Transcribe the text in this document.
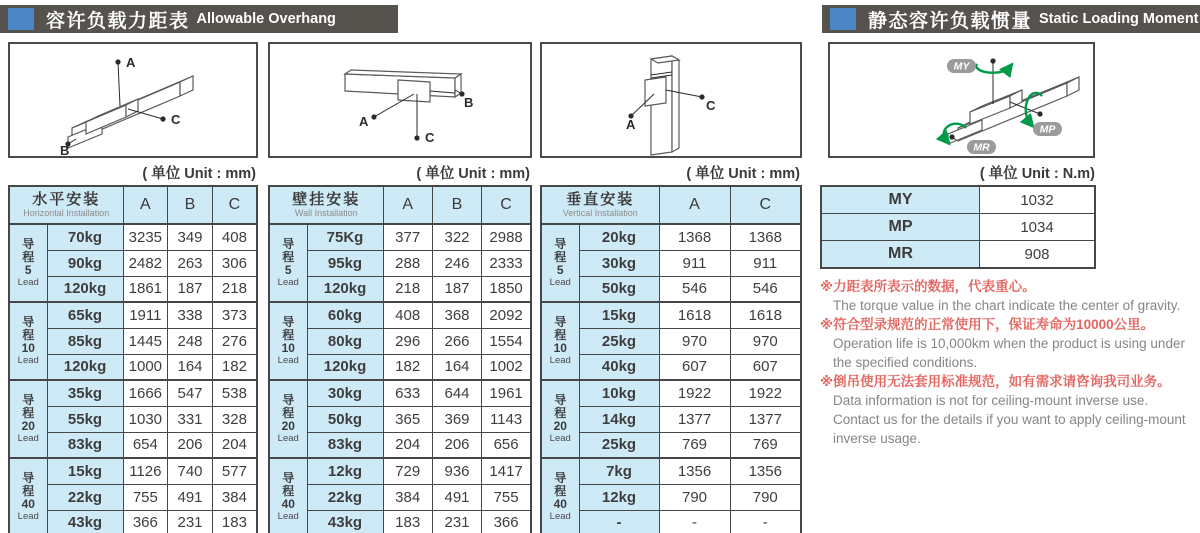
容许负载力距表 Allowable Overhang	静态容许负载惯量 Static Loading Moment
A
B
C
( 单位 Unit : mm)
水平安装
Horizontal Installation		A	B	C

导
程
5
Lead	70kg	3235	349	408
	90kg	2482	263	306
	120kg	1861	187	218

导
程
10
Lead	65kg	1911	338	373
	85kg	1445	248	276
	120kg	1000	164	182

导
程
20
Lead	35kg	1666	547	538
	55kg	1030	331	328
	83kg	654	206	204

导
程
40
Lead	15kg	1126	740	577
	22kg	755	491	384
	43kg	366	231	183
A
B
C
( 单位 Unit : mm)
壁挂安装
Wall Installation		A	B	C

导
程
5
Lead	75Kg	377	322	2988
	95kg	288	246	2333
	120kg	218	187	1850

导
程
10
Lead	60kg	408	368	2092
	80kg	296	266	1554
	120kg	182	164	1002

导
程
20
Lead	30kg	633	644	1961
	50kg	365	369	1143
	83kg	204	206	656

导
程
40
Lead	12kg	729	936	1417
	22kg	384	491	755
	43kg	183	231	366
A
C
( 单位 Unit : mm)
垂直安装
Vertical Installation		A	C

导
程
5
Lead	20kg	1368	1368
	30kg	911	911
	50kg	546	546

导
程
10
Lead	15kg	1618	1618
	25kg	970	970
	40kg	607	607

导
程
20
Lead	10kg	1922	1922
	14kg	1377	1377
	25kg	769	769

导
程
40
Lead	7kg	1356	1356
	12kg	790	790
	-	-	-
MY
MP
MR
( 单位 Unit : N.m)
MY	1032
MP	1034
MR	908
※力距表所表示的数据，代表重心。
The torque value in the chart indicate the center of gravity.
※符合型录规范的正常使用下，保证寿命为10000公里。
Operation life is 10,000km when the product is using under the specified conditions.
※倒吊使用无法套用标准规范，如有需求请咨询我司业务。
Data information is not for ceiling-mount inverse use.
Contact us for the details if you want to apply ceiling-mount inverse usage.
